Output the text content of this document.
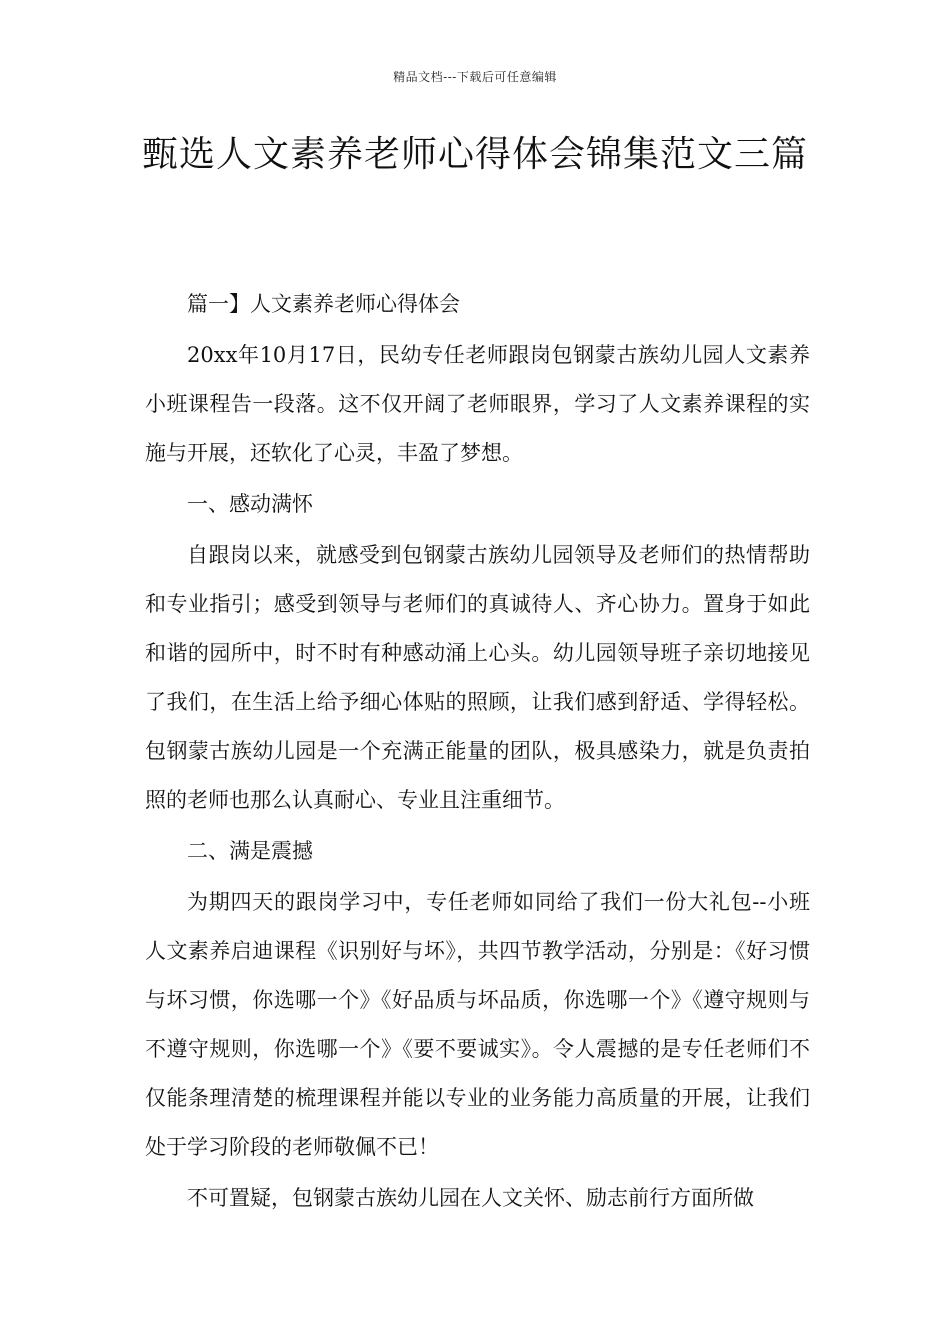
精品文档---下载后可任意编辑
甄选人文素养老师心得体会锦集范文三篇

篇一】人文素养老师心得体会

20xx年10月17日，民幼专任老师跟岗包钢蒙古族幼儿园人文素养小班课程告一段落。这不仅开阔了老师眼界，学习了人文素养课程的实施与开展，还软化了心灵，丰盈了梦想。

一、感动满怀

自跟岗以来，就感受到包钢蒙古族幼儿园领导及老师们的热情帮助和专业指引；感受到领导与老师们的真诚待人、齐心协力。置身于如此和谐的园所中，时不时有种感动涌上心头。幼儿园领导班子亲切地接见了我们，在生活上给予细心体贴的照顾，让我们感到舒适、学得轻松。包钢蒙古族幼儿园是一个充满正能量的团队，极具感染力，就是负责拍照的老师也那么认真耐心、专业且注重细节。

二、满是震撼

为期四天的跟岗学习中，专任老师如同给了我们一份大礼包--小班人文素养启迪课程《识别好与坏》，共四节教学活动，分别是：《好习惯与坏习惯，你选哪一个》《好品质与坏品质，你选哪一个》《遵守规则与不遵守规则，你选哪一个》《要不要诚实》。令人震撼的是专任老师们不仅能条理清楚的梳理课程并能以专业的业务能力高质量的开展，让我们处于学习阶段的老师敬佩不已！

不可置疑，包钢蒙古族幼儿园在人文关怀、励志前行方面所做
